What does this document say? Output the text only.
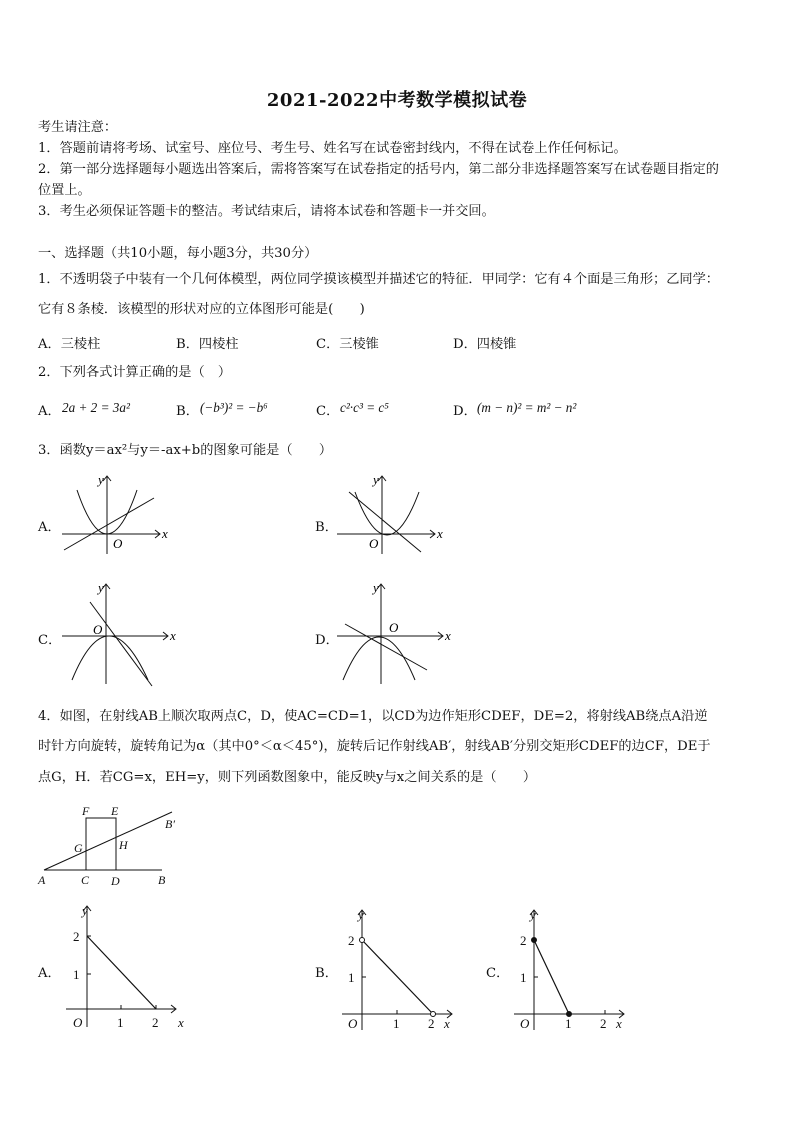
2021-2022中考数学模拟试卷
考生请注意：
1．答题前请将考场、试室号、座位号、考生号、姓名写在试卷密封线内，不得在试卷上作任何标记。
2．第一部分选择题每小题选出答案后，需将答案写在试卷指定的括号内，第二部分非选择题答案写在试卷题目指定的
位置上。
3．考生必须保证答题卡的整洁。考试结束后，请将本试卷和答题卡一并交回。
一、选择题（共10小题，每小题3分，共30分）
1．不透明袋子中装有一个几何体模型，两位同学摸该模型并描述它的特征．甲同学：它有４个面是三角形；乙同学：
它有８条棱．该模型的形状对应的立体图形可能是(　　)
A．三棱柱	B．四棱柱	C．三棱锥	D．四棱锥
2．下列各式计算正确的是（　）
A． 2a + 2 = 3a²	B． (−b³)² = −b⁶	C． c²·c³ = c⁵	D． (m − n)² = m² − n²
3．函数y＝ax²与y＝-ax+b的图象可能是（　　）
A．	x
y
O
B．	x
y
O
C．	x
y
O
D．	x
y
O
4．如图，在射线AB上顺次取两点C，D，使AC=CD=1，以CD为边作矩形CDEF，DE=2，将射线AB绕点A沿逆
时针方向旋转，旋转角记为α（其中0°＜α＜45°)，旋转后记作射线AB′，射线AB′分别交矩形CDEF的边CF，DE于
点G，H．若CG=x，EH=y，则下列函数图象中，能反映y与x之间关系的是（　　）
F E
B′
G	H
A	C D	B
A．
x
y
O	1 2
1
2
B．
x
y
O	1 2
1
2
C．
x
y
O	1 2
1
2
